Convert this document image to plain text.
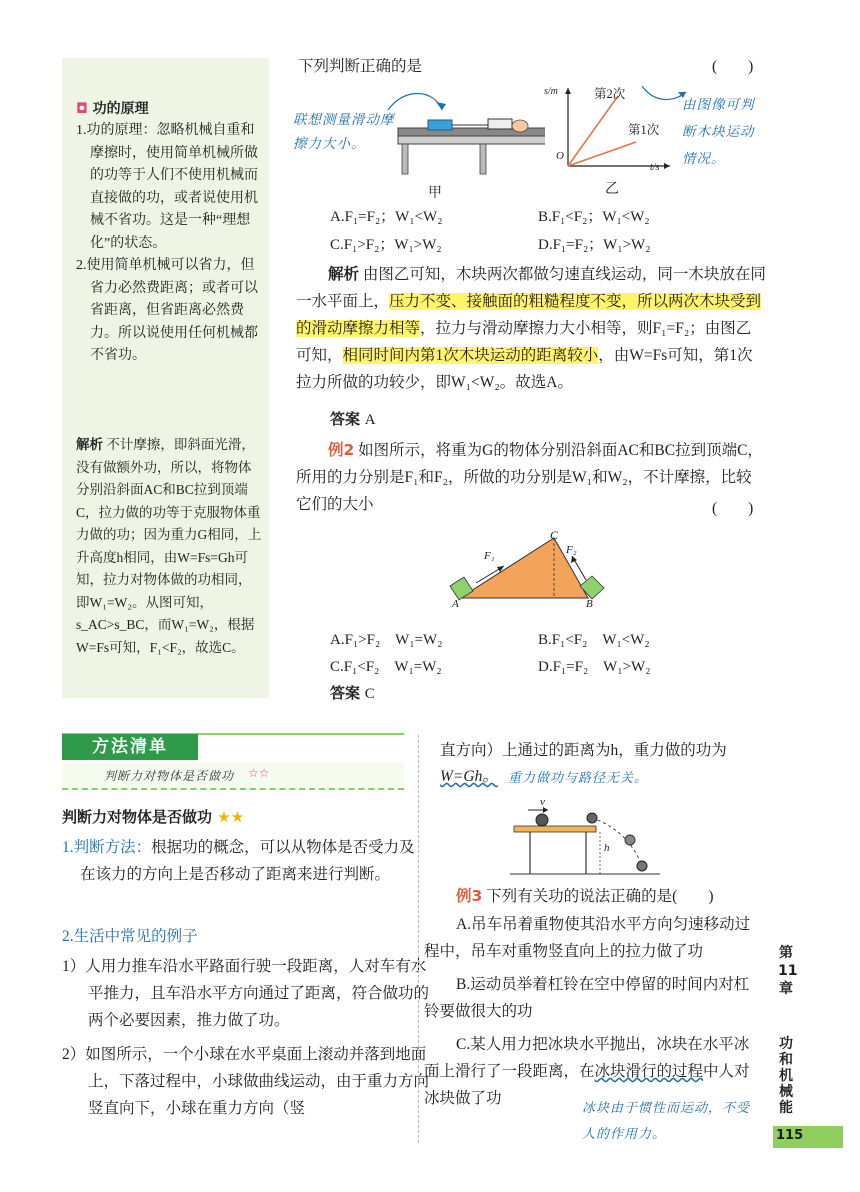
◘ 功的原理

1.功的原理：忽略机械自重和摩擦时，使用简单机械所做的功等于人们不使用机械而直接做的功，或者说使用机械不省功。这是一种“理想化”的状态。

2.使用简单机械可以省力，但省力必然费距离；或者可以省距离，但省距离必然费力。所以说使用任何机械都不省功。

解析 不计摩擦，即斜面光滑，没有做额外功，所以，将物体分别沿斜面AC和BC拉到顶端C，拉力做的功等于克服物体重力做的功；因为重力G相同，上升高度h相同，由W=Fs=Gh可知，拉力对物体做的功相同，即W₁=W₂。从图可知，s_AC>s_BC，而W₁=W₂，根据W=Fs可知，F₁<F₂，故选C。
下列判断正确的是	(　　)
联想测量滑动摩擦力大小。
甲
s/m
t/s
O
第2次
第1次
乙
由图像可判断木块运动情况。
A.F₁=F₂；W₁<W₂	B.F₁<F₂；W₁<W₂
C.F₁>F₂；W₁>W₂	D.F₁=F₂；W₁>W₂
解析 由图乙可知，木块两次都做匀速直线运动，同一木块放在同一水平面上，压力不变、接触面的粗糙程度不变，所以两次木块受到的滑动摩擦力相等，拉力与滑动摩擦力大小相等，则F₁=F₂；由图乙可知，相同时间内第1次木块运动的距离较小，由W=Fs可知，第1次拉力所做的功较少，即W₁<W₂。故选A。
答案 A
例2 如图所示，将重为G的物体分别沿斜面AC和BC拉到顶端C，所用的力分别是F₁和F₂，所做的功分别是W₁和W₂，不计摩擦，比较它们的大小	(　　)
C
F₁	F₂
A	B
A.F₁>F₂　W₁=W₂	B.F₁<F₂　W₁<W₂
C.F₁<F₂　W₁=W₂	D.F₁=F₂　W₁>W₂
答案 C
方法清单
判断力对物体是否做功 ☆☆
判断力对物体是否做功 ★★
1.判断方法：根据功的概念，可以从物体是否受力及在该力的方向上是否移动了距离来进行判断。
2.生活中常见的例子
1）人用力推车沿水平路面行驶一段距离，人对车有水平推力，且车沿水平方向通过了距离，符合做功的两个必要因素，推力做了功。
2）如图所示，一个小球在水平桌面上滚动并落到地面上，下落过程中，小球做曲线运动，由于重力方向竖直向下，小球在重力方向（竖
直方向）上通过的距离为h，重力做的功为
W=Gh。 重力做功与路径无关。
v
h
例3 下列有关功的说法正确的是(　　)
A.吊车吊着重物使其沿水平方向匀速移动过程中，吊车对重物竖直向上的拉力做了功
B.运动员举着杠铃在空中停留的时间内对杠铃要做很大的功
C.某人用力把冰块水平抛出，冰块在水平冰面上滑行了一段距离，在冰块滑行的过程中人对冰块做了功
冰块由于惯性而运动，不受人的作用力。
第11章
功和机械能
115
